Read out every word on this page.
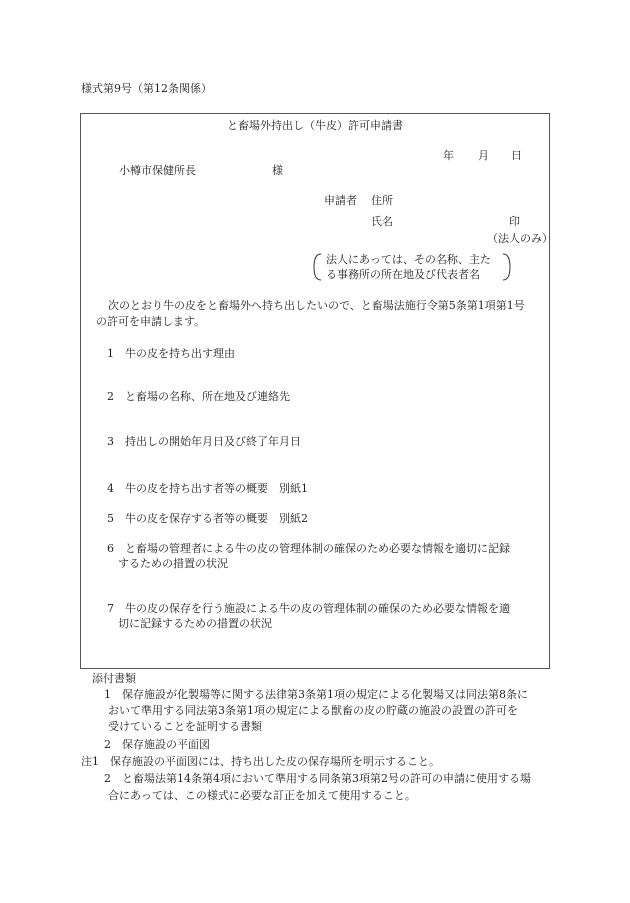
様式第9号（第12条関係）
と畜場外持出し（牛皮）許可申請書
年 月 日
小樽市保健所長	様
申請者 住所
氏名	印
（法人のみ）
法人にあっては、その名称、主た
る事務所の所在地及び代表者名
次のとおり牛の皮をと畜場外へ持ち出したいので、と畜場法施行令第5条第1項第1号
の許可を申請します。
1　 牛の皮を持ち出す理由
2　 と畜場の名称、所在地及び連絡先
3　 持出しの開始年月日及び終了年月日
4　 牛の皮を持ち出す者等の概要　別紙1
5　 牛の皮を保存する者等の概要　別紙2
6　 と畜場の管理者による牛の皮の管理体制の確保のため必要な情報を適切に記録
するための措置の状況
7　 牛の皮の保存を行う施設による牛の皮の管理体制の確保のため必要な情報を適
切に記録するための措置の状況
添付書類
1　保存施設が化製場等に関する法律第3条第1項の規定による化製場又は同法第8条に
おいて準用する同法第3条第1項の規定による獣畜の皮の貯蔵の施設の設置の許可を
受けていることを証明する書類
2　保存施設の平面図
注1　保存施設の平面図には、持ち出した皮の保存場所を明示すること。
2　と畜場法第14条第4項において準用する同条第3項第2号の許可の申請に使用する場
合にあっては、この様式に必要な訂正を加えて使用すること。
